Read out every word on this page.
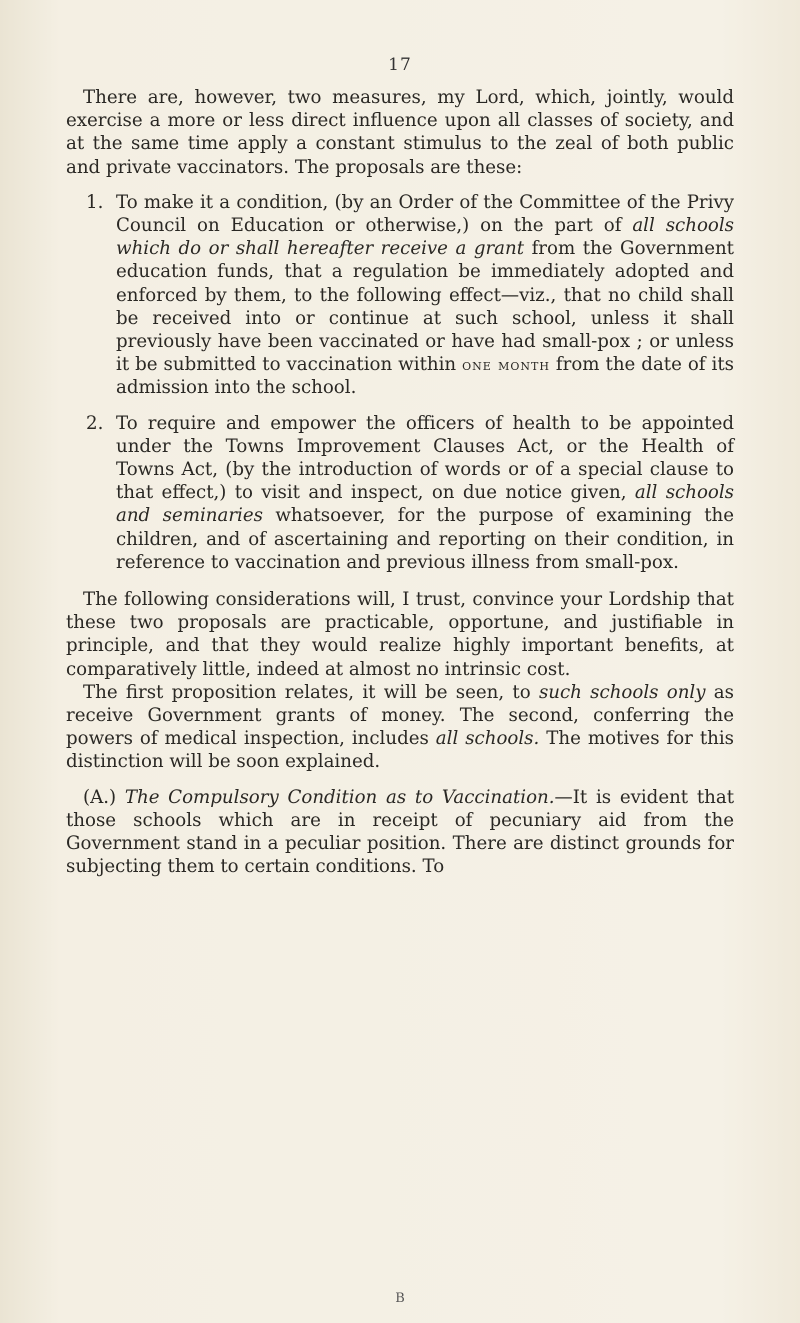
17

There are, however, two measures, my Lord, which, jointly, would exercise a more or less direct influence upon all classes of society, and at the same time apply a constant stimulus to the zeal of both public and private vaccinators. The proposals are these:

1. To make it a condition, (by an Order of the Committee of the Privy Council on Education or otherwise,) on the part of all schools which do or shall hereafter receive a grant from the Government education funds, that a regulation be immediately adopted and enforced by them, to the following effect—viz., that no child shall be received into or continue at such school, unless it shall previously have been vaccinated or have had small-pox ; or unless it be submitted to vaccination within one month from the date of its admission into the school.

2. To require and empower the officers of health to be appointed under the Towns Improvement Clauses Act, or the Health of Towns Act, (by the introduction of words or of a special clause to that effect,) to visit and inspect, on due notice given, all schools and seminaries whatsoever, for the purpose of examining the children, and of ascertaining and reporting on their condition, in reference to vaccination and previous illness from small-pox.

The following considerations will, I trust, convince your Lordship that these two proposals are practicable, opportune, and justifiable in principle, and that they would realize highly important benefits, at comparatively little, indeed at almost no intrinsic cost.

The first proposition relates, it will be seen, to such schools only as receive Government grants of money. The second, conferring the powers of medical inspection, includes all schools. The motives for this distinction will be soon explained.

(A.) The Compulsory Condition as to Vaccination.—It is evident that those schools which are in receipt of pecuniary aid from the Government stand in a peculiar position. There are distinct grounds for subjecting them to certain conditions. To

B
